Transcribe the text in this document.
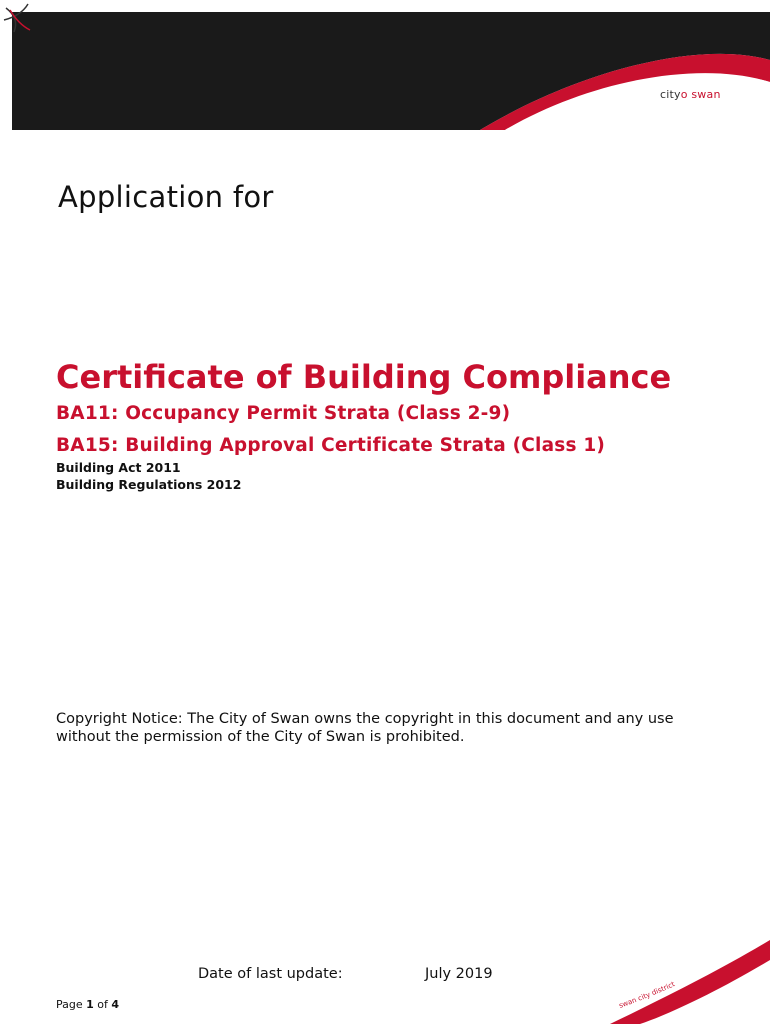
cityo swan
Application for
Certificate of Building Compliance
BA11: Occupancy Permit Strata (Class 2-9)
BA15: Building Approval Certificate Strata (Class 1)
Building Act 2011
Building Regulations 2012
Copyright Notice: The City of Swan owns the copyright in this document and any use without the permission of the City of Swan is prohibited.
Date of last update:	July 2019
Page 1 of 4	swan city district
